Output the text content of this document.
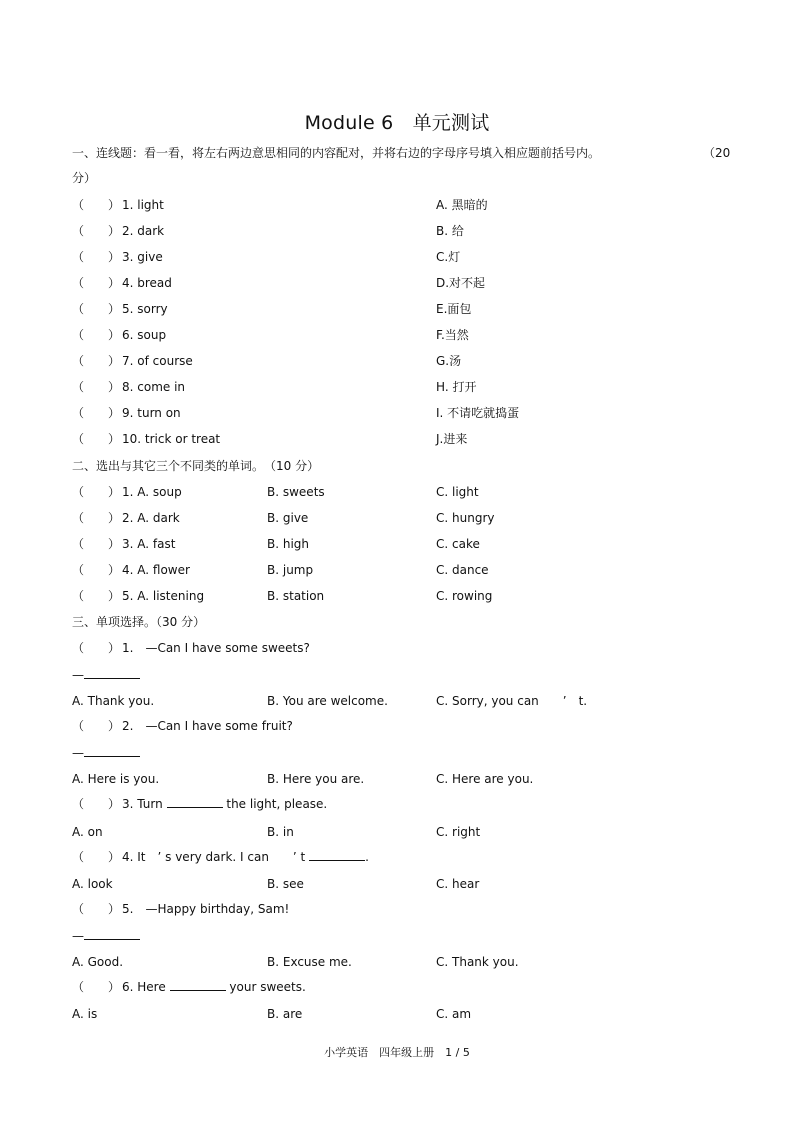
Module 6　单元测试
一、连线题：看一看，将左右两边意思相同的内容配对，并将右边的字母序号填入相应题前括号内。	（20
分）
（　　） 1. light	A. 黑暗的
（　　） 2. dark	B. 给
（　　） 3. give	C.灯
（　　） 4. bread	D.对不起
（　　） 5. sorry	E.面包
（　　） 6. soup	F.当然
（　　） 7. of course	G.汤
（　　） 8. come in	H. 打开
（　　） 9. turn on	I. 不请吃就捣蛋
（　　） 10. trick or treat	J.进来
二、选出与其它三个不同类的单词。　（10 分）
（　　） 1. A. soup	B. sweets	C. light
（　　） 2. A. dark	B. give	C. hungry
（　　） 3. A. fast	B. high	C. cake
（　　） 4. A. flower	B. jump	C. dance
（　　） 5. A. listening	B. station	C. rowing
三、单项选择。（30 分）
（　　） 1.　—Can I have some sweets?
—
A. Thank you.	B. You are welcome.	C. Sorry, you can　　’　t.
（　　） 2.　—Can I have some fruit?
—
A. Here is you.	B. Here you are.	C. Here are you.
（　　） 3. Turn	the light, please.
A. on	B. in	C. right
（　　） 4. It　’ s very dark. I can　　’ t	.
A. look	B. see	C. hear
（　　） 5.　—Happy birthday, Sam!
—
A. Good.	B. Excuse me.	C. Thank you.
（　　） 6. Here	your sweets.
A. is	B. are	C. am
小学英语　四年级上册　1 / 5
